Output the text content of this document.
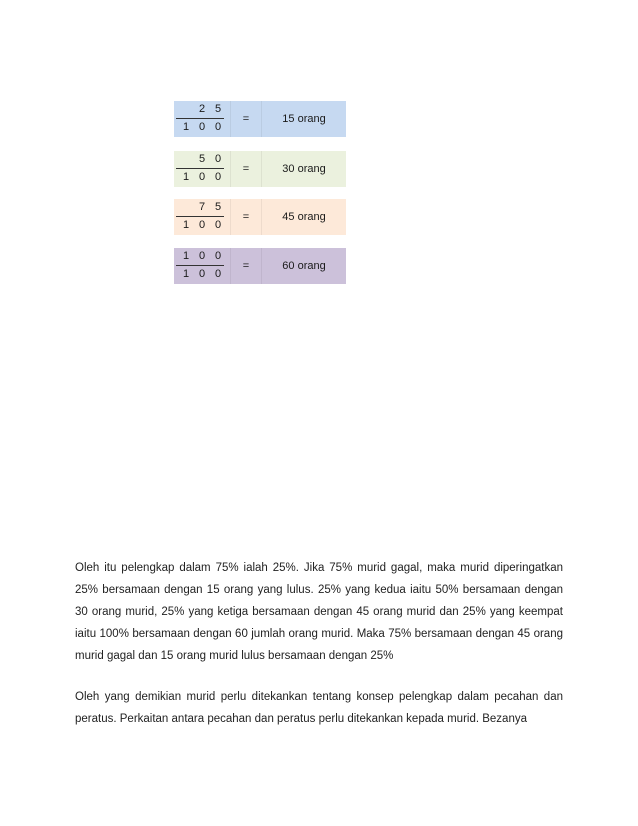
$\frac{2 5}{1 0 0}$	=	15 orang
$\frac{5 0}{1 0 0}$	=	30 orang
$\frac{7 5}{1 0 0}$	=	45 orang
$\frac{1 0 0}{1 0 0}$	=	60 orang

Oleh itu pelengkap dalam 75% ialah 25%. Jika 75% murid gagal, maka murid diperingatkan 25% bersamaan dengan 15 orang yang lulus. 25% yang kedua iaitu 50% bersamaan dengan 30 orang murid, 25% yang ketiga bersamaan dengan 45 orang murid dan 25% yang keempat iaitu 100% bersamaan dengan 60 jumlah orang murid. Maka 75% bersamaan dengan 45 orang murid gagal dan 15 orang murid lulus bersamaan dengan 25%

Oleh yang demikian murid perlu ditekankan tentang konsep pelengkap dalam pecahan dan peratus. Perkaitan antara pecahan dan peratus perlu ditekankan kepada murid. Bezanya
